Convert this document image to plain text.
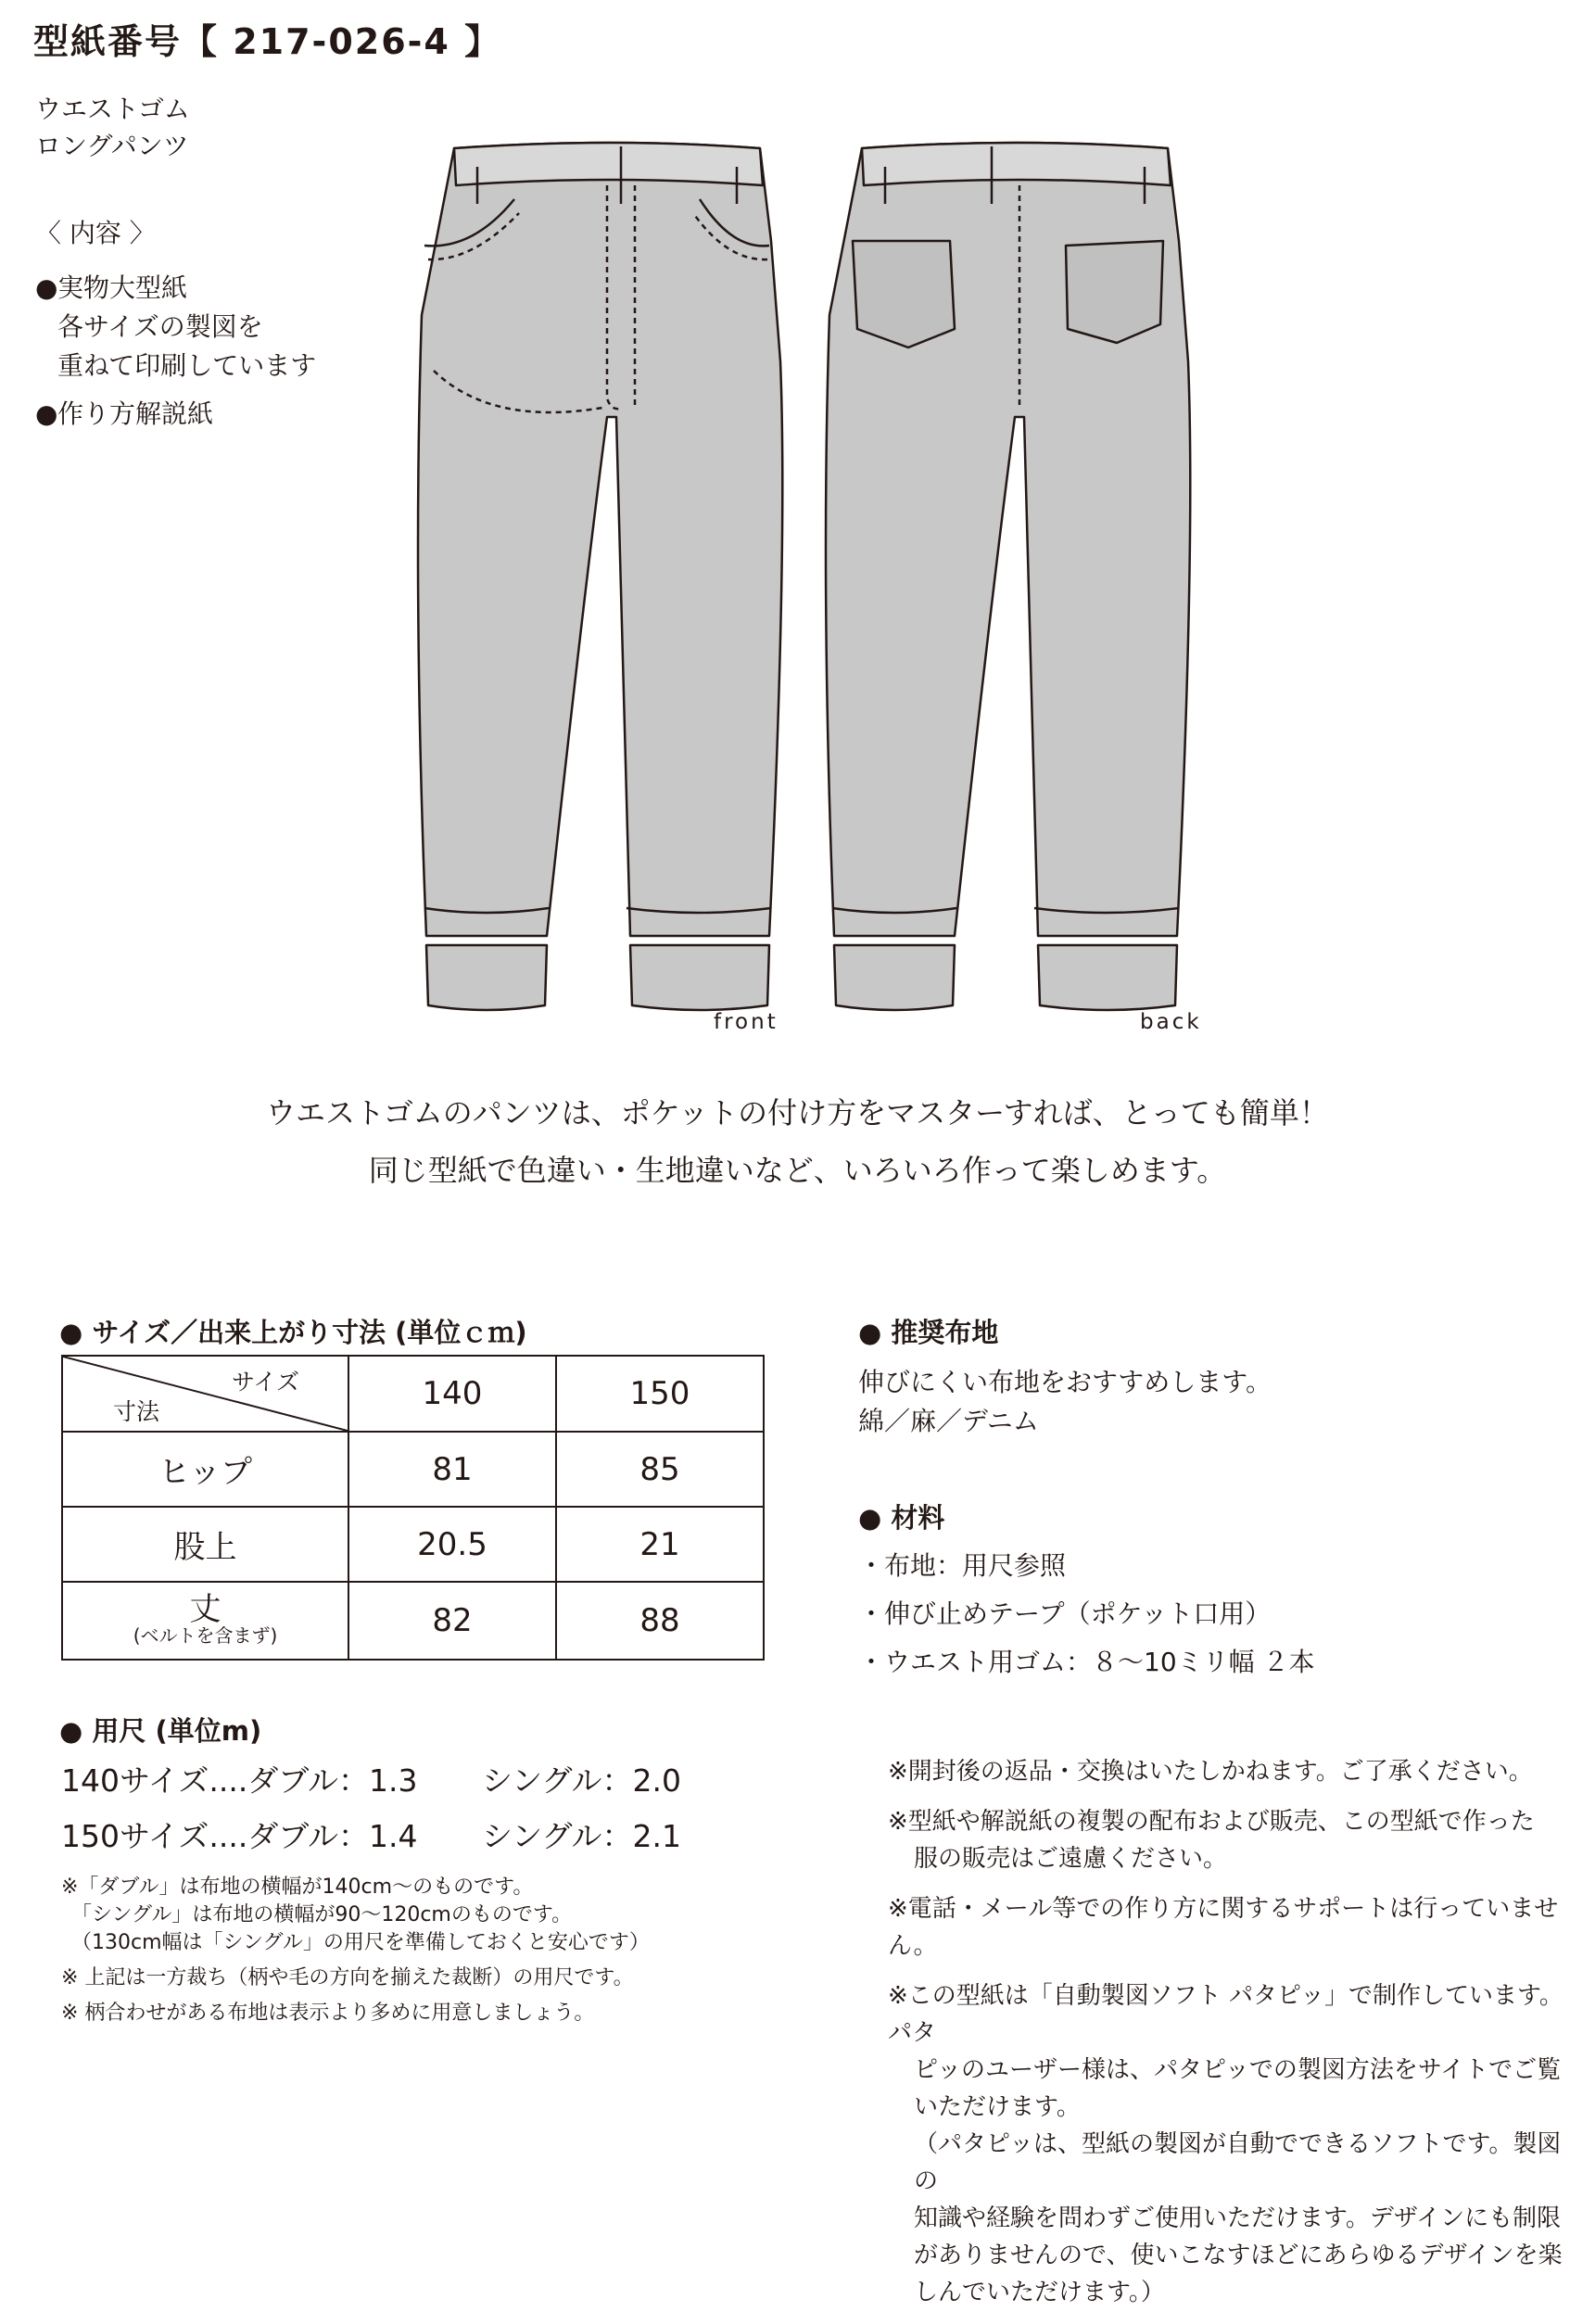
型紙番号【 217-026-4 】
ウエストゴム
ロングパンツ
〈 内容 〉
● 実物大型紙
各サイズの製図を
重ねて印刷しています
● 作り方解説紙
front	back
ウエストゴムのパンツは、ポケットの付け方をマスターすれば、とっても簡単！
同じ型紙で色違い・生地違いなど、いろいろ作って楽しめます。
● サイズ／出来上がり寸法 (単位ｃｍ)
サイズ
寸法	140	150
ヒップ	81	85
股上	20.5	21

丈
(ベルトを含まず)	82	88
● 用尺 (単位m)
140サイズ....ダブル：1.3 シングル：2.0
150サイズ....ダブル：1.4 シングル：2.1
※「ダブル」は布地の横幅が140cm〜のものです。
　「シングル」は布地の横幅が90〜120cmのものです。
　（130cm幅は「シングル」の用尺を準備しておくと安心です）
※ 上記は一方裁ち（柄や毛の方向を揃えた裁断）の用尺です。
※ 柄合わせがある布地は表示より多めに用意しましょう。
● 推奨布地
伸びにくい布地をおすすめします。
綿／麻／デニム
● 材料
・布地：用尺参照
・伸び止めテープ（ポケット口用）
・ウエスト用ゴム：８〜10ミリ幅 ２本
※開封後の返品・交換はいたしかねます。ご了承ください。
※型紙や解説紙の複製の配布および販売、この型紙で作った
服の販売はご遠慮ください。
※電話・メール等での作り方に関するサポートは行っていません。
※この型紙は「自動製図ソフト パタピッ」で制作しています。パタ
ピッのユーザー様は、パタピッでの製図方法をサイトでご覧
いただけます。
（パタピッは、型紙の製図が自動でできるソフトです。製図の
知識や経験を問わずご使用いただけます。デザインにも制限
がありませんので、使いこなすほどにあらゆるデザインを楽
しんでいただけます。）
